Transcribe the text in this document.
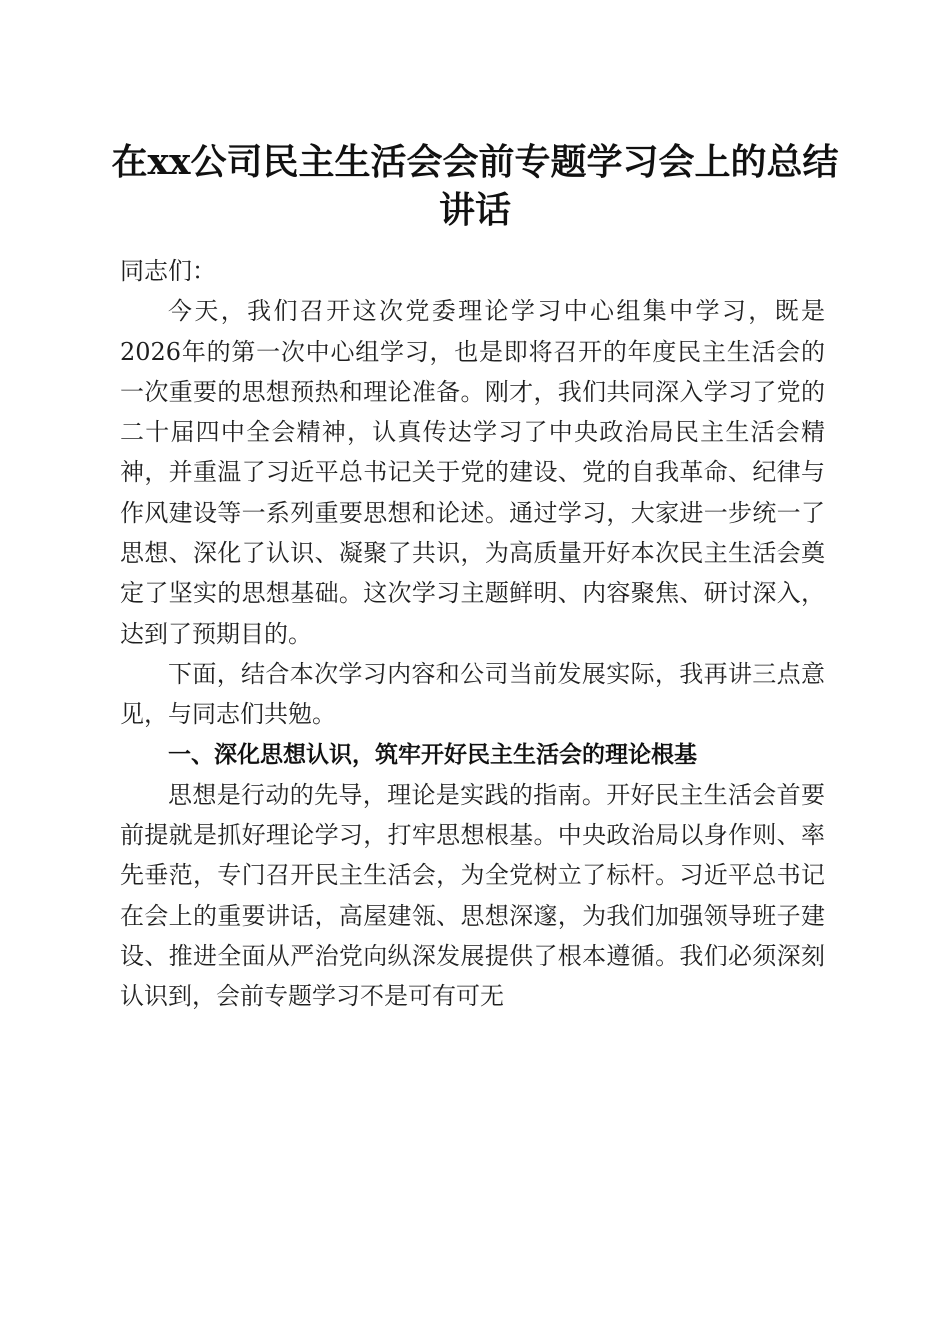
在xx公司民主生活会会前专题学习会上的总结讲话

同志们：

今天，我们召开这次党委理论学习中心组集中学习，既是2026年的第一次中心组学习，也是即将召开的年度民主生活会的一次重要的思想预热和理论准备。刚才，我们共同深入学习了党的二十届四中全会精神，认真传达学习了中央政治局民主生活会精神，并重温了习近平总书记关于党的建设、党的自我革命、纪律与作风建设等一系列重要思想和论述。通过学习，大家进一步统一了思想、深化了认识、凝聚了共识，为高质量开好本次民主生活会奠定了坚实的思想基础。这次学习主题鲜明、内容聚焦、研讨深入，达到了预期目的。

下面，结合本次学习内容和公司当前发展实际，我再讲三点意见，与同志们共勉。

一、深化思想认识，筑牢开好民主生活会的理论根基

思想是行动的先导，理论是实践的指南。开好民主生活会首要前提就是抓好理论学习，打牢思想根基。中央政治局以身作则、率先垂范，专门召开民主生活会，为全党树立了标杆。习近平总书记在会上的重要讲话，高屋建瓴、思想深邃，为我们加强领导班子建设、推进全面从严治党向纵深发展提供了根本遵循。我们必须深刻认识到，会前专题学习不是可有可无
